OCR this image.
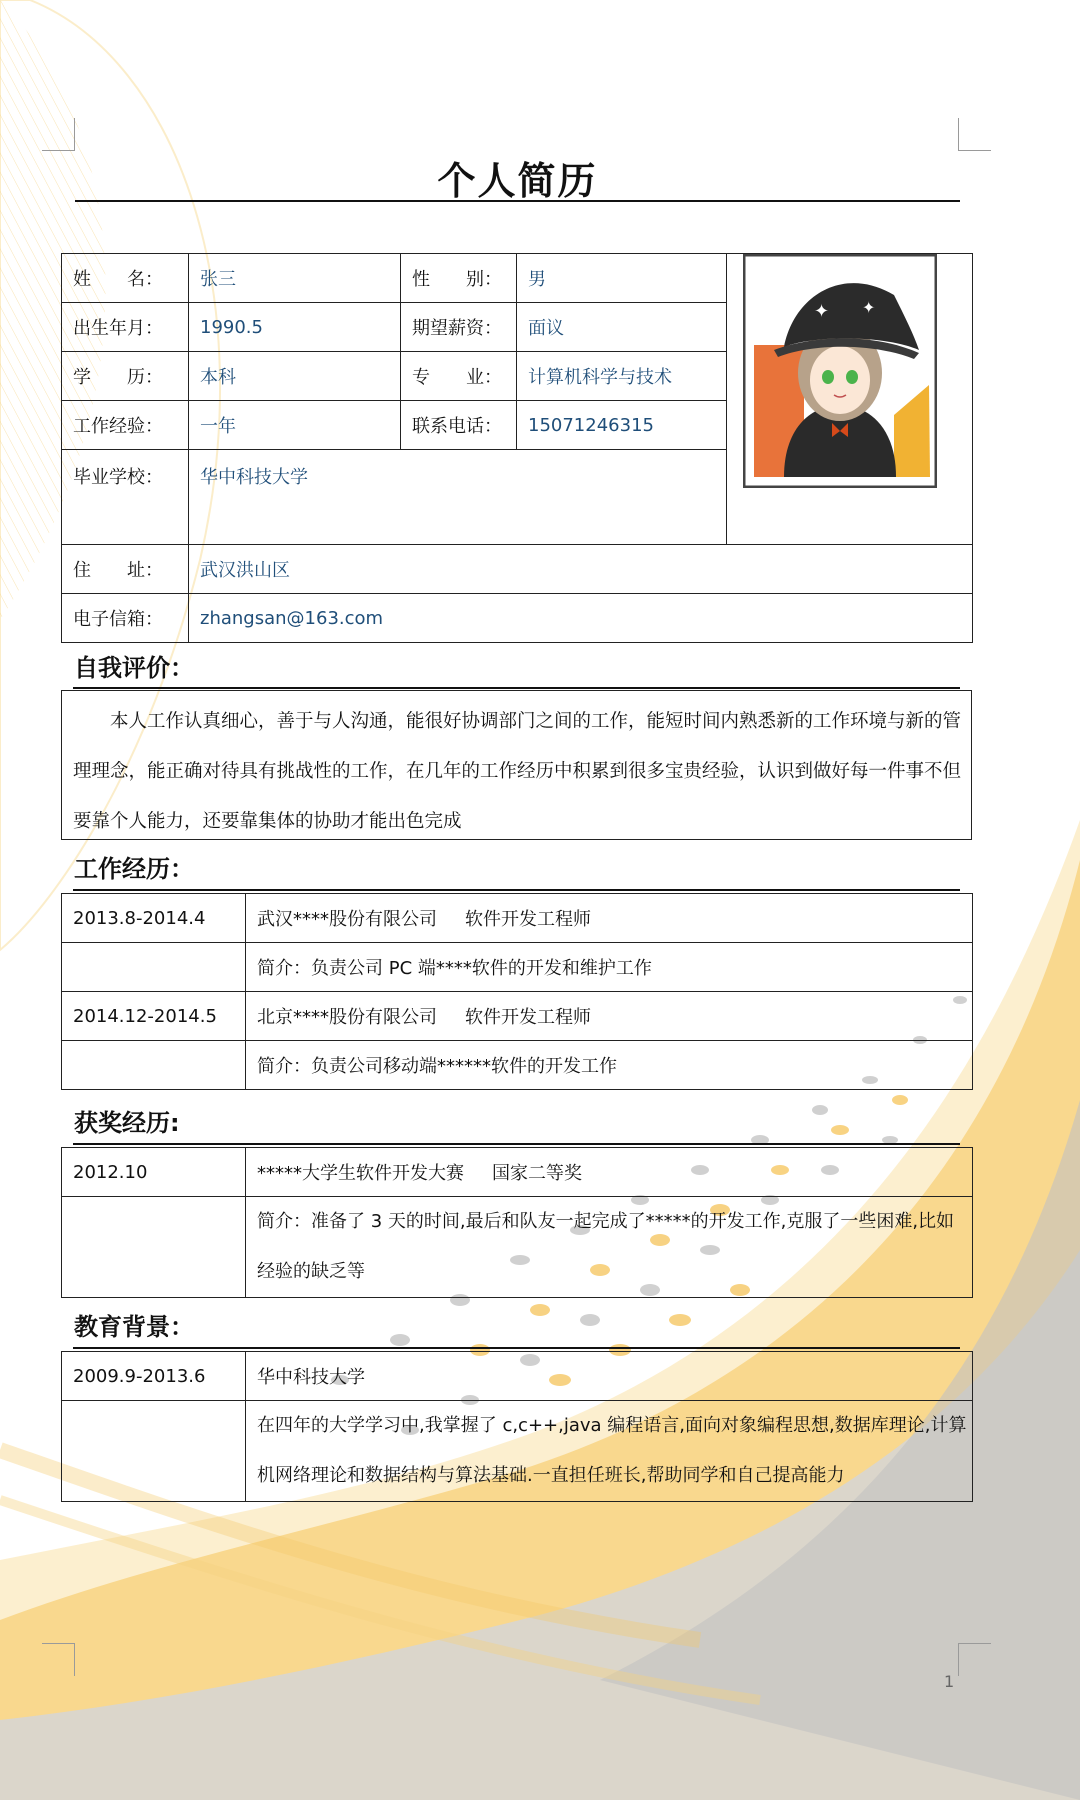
个人简历
姓　　名：	张三	性　　别：	男	✦ ✦

出生年月：	1990.5	期望薪资：	面议	
学　　历：	本科	专　　业：	计算机科学与技术	
工作经验：	一年	联系电话：	15071246315	
毕业学校：	华中科技大学			
住　　址：	武汉洪山区			
电子信箱：	zhangsan@163.com			
自我评价：
本人工作认真细心，善于与人沟通，能很好协调部门之间的工作，能短时间内熟悉新的工作环境与新的管理理念，能正确对待具有挑战性的工作，在几年的工作经历中积累到很多宝贵经验，认识到做好每一件事不但要靠个人能力，还要靠集体的协助才能出色完成
工作经历：
2013.8-2014.4	武汉****股份有限公司 软件开发工程师
	简介：负责公司 PC 端****软件的开发和维护工作
2014.12-2014.5	北京****股份有限公司 软件开发工程师
	简介：负责公司移动端******软件的开发工作
获奖经历:
2012.10	*****大学生软件开发大赛 国家二等奖
	简介：准备了 3 天的时间,最后和队友一起完成了*****的开发工作,克服了一些困难,比如经验的缺乏等
教育背景：
2009.9-2013.6	华中科技大学
	在四年的大学学习中,我掌握了 c,c++,java 编程语言,面向对象编程思想,数据库理论,计算机网络理论和数据结构与算法基础.一直担任班长,帮助同学和自己提高能力
1
